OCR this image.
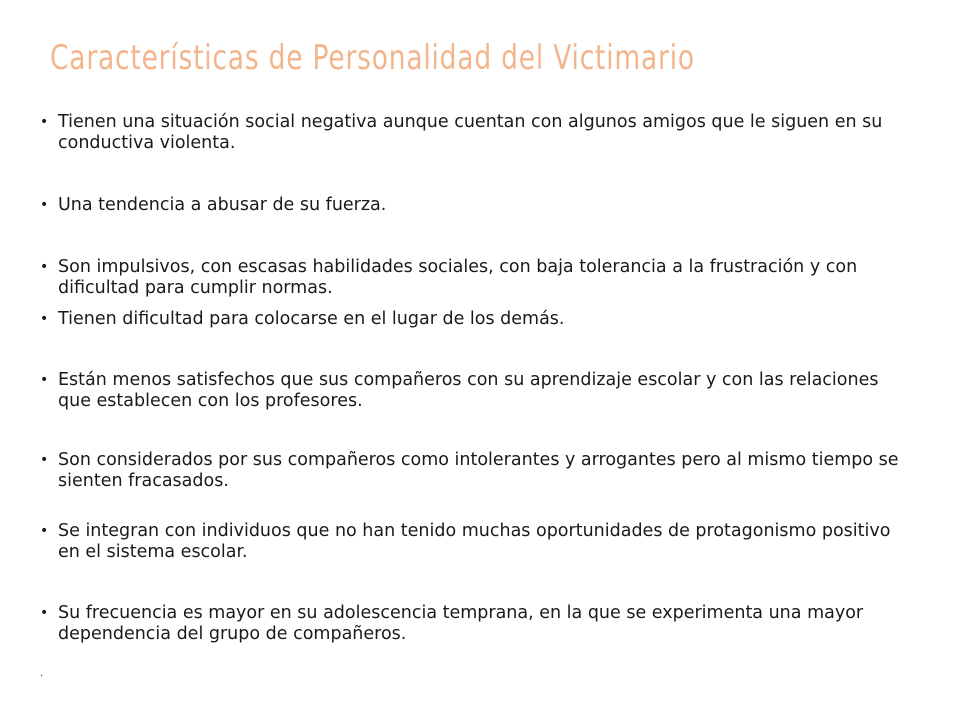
Características de Personalidad del Victimario
• Tienen una situación social negativa aunque cuentan con algunos amigos que le siguen en su conductiva violenta.
• Una tendencia a abusar de su fuerza.
• Son impulsivos, con escasas habilidades sociales, con baja tolerancia a la frustración y con dificultad para cumplir normas.
• Tienen dificultad para colocarse en el lugar de los demás.
• Están menos satisfechos que sus compañeros con su aprendizaje escolar y con las relaciones que establecen con los profesores.
• Son considerados por sus compañeros como intolerantes y arrogantes pero al mismo tiempo se sienten fracasados.
• Se integran con individuos que no han tenido muchas oportunidades de protagonismo positivo en el sistema escolar.
• Su frecuencia es mayor en su adolescencia temprana, en la que se experimenta una mayor dependencia del grupo de compañeros.
.
